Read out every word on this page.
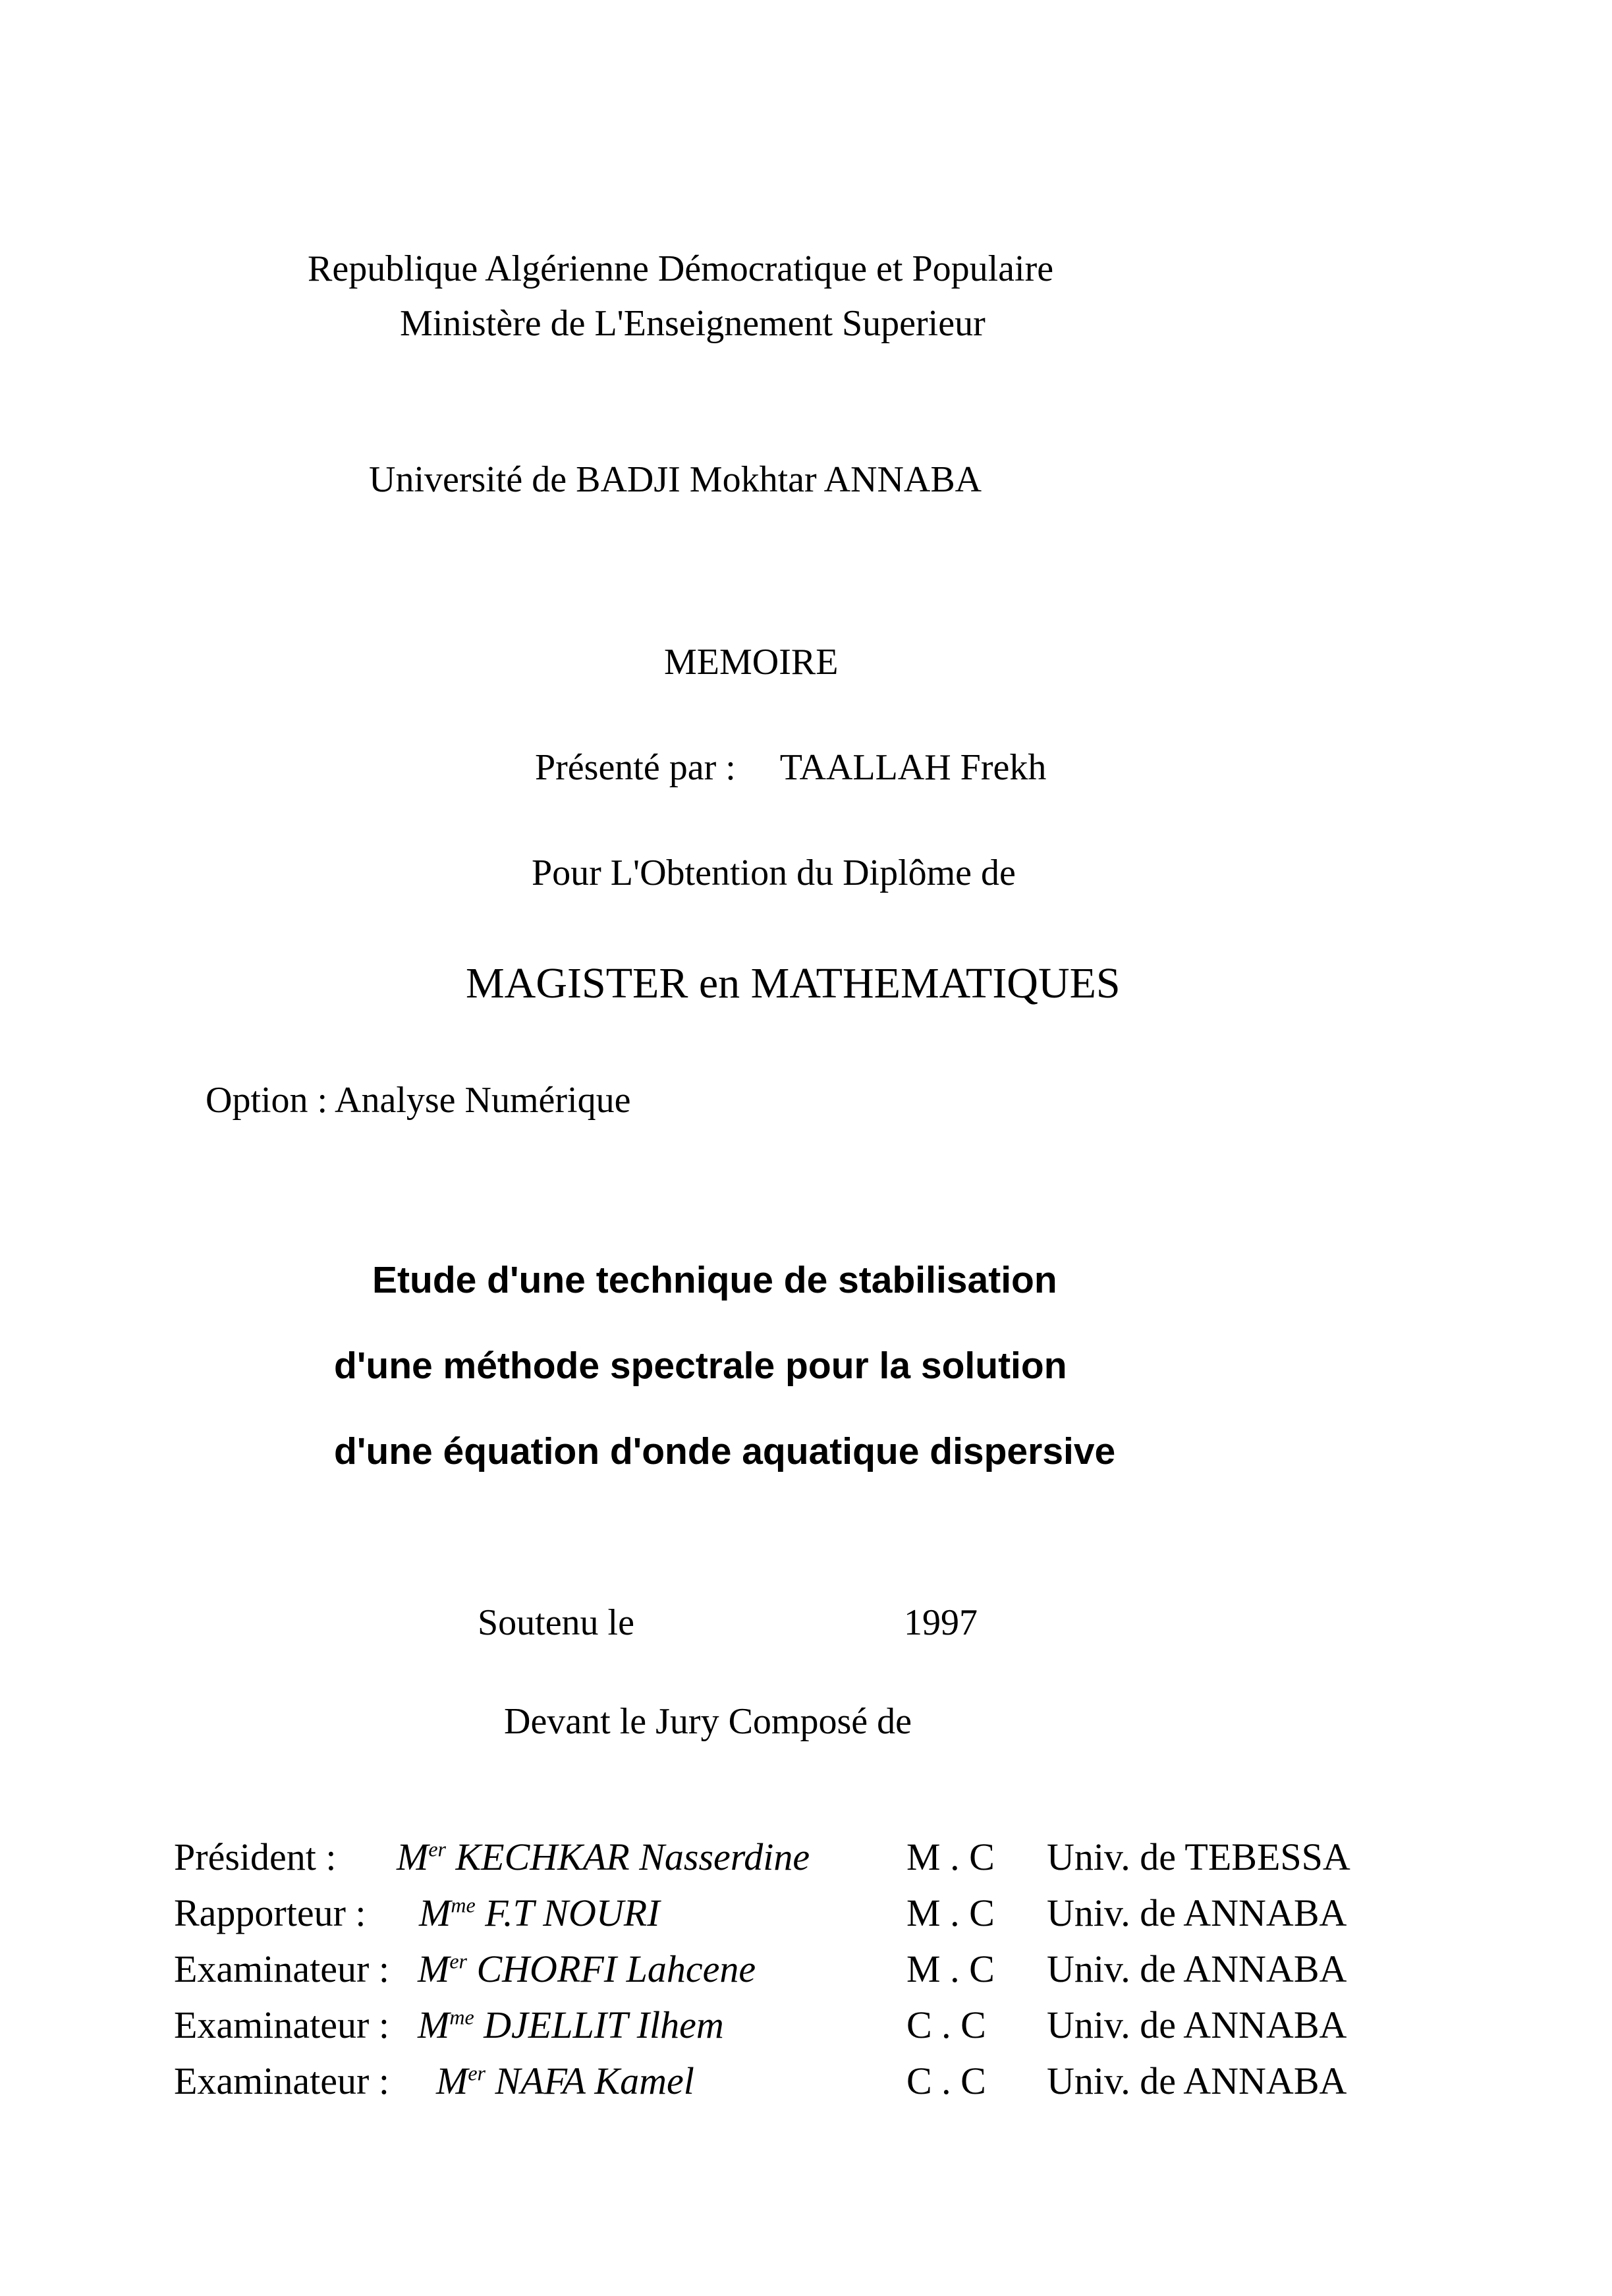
Republique Algérienne Démocratique et Populaire
Ministère de L'Enseignement Superieur
Université de BADJI Mokhtar ANNABA
MEMOIRE
Présenté par : TAALLAH Frekh
Pour L'Obtention du Diplôme de
MAGISTER en MATHEMATIQUES
Option : Analyse Numérique
Etude d'une technique de stabilisation
d'une méthode spectrale pour la solution
d'une équation d'onde aquatique dispersive
Soutenu le	1997
Devant le Jury Composé de
Président : Mer KECHKAR Nasserdine	M . C Univ. de TEBESSA
Rapporteur : $M^{me}$ F.T NOURI	M . C Univ. de ANNABA
Examinateur : Mer CHORFI Lahcene	M . C Univ. de ANNABA
Examinateur : $M^{me}$ DJELLIT Ilhem	C . C Univ. de ANNABA
Examinateur : Mer NAFA Kamel	C . C Univ. de ANNABA
